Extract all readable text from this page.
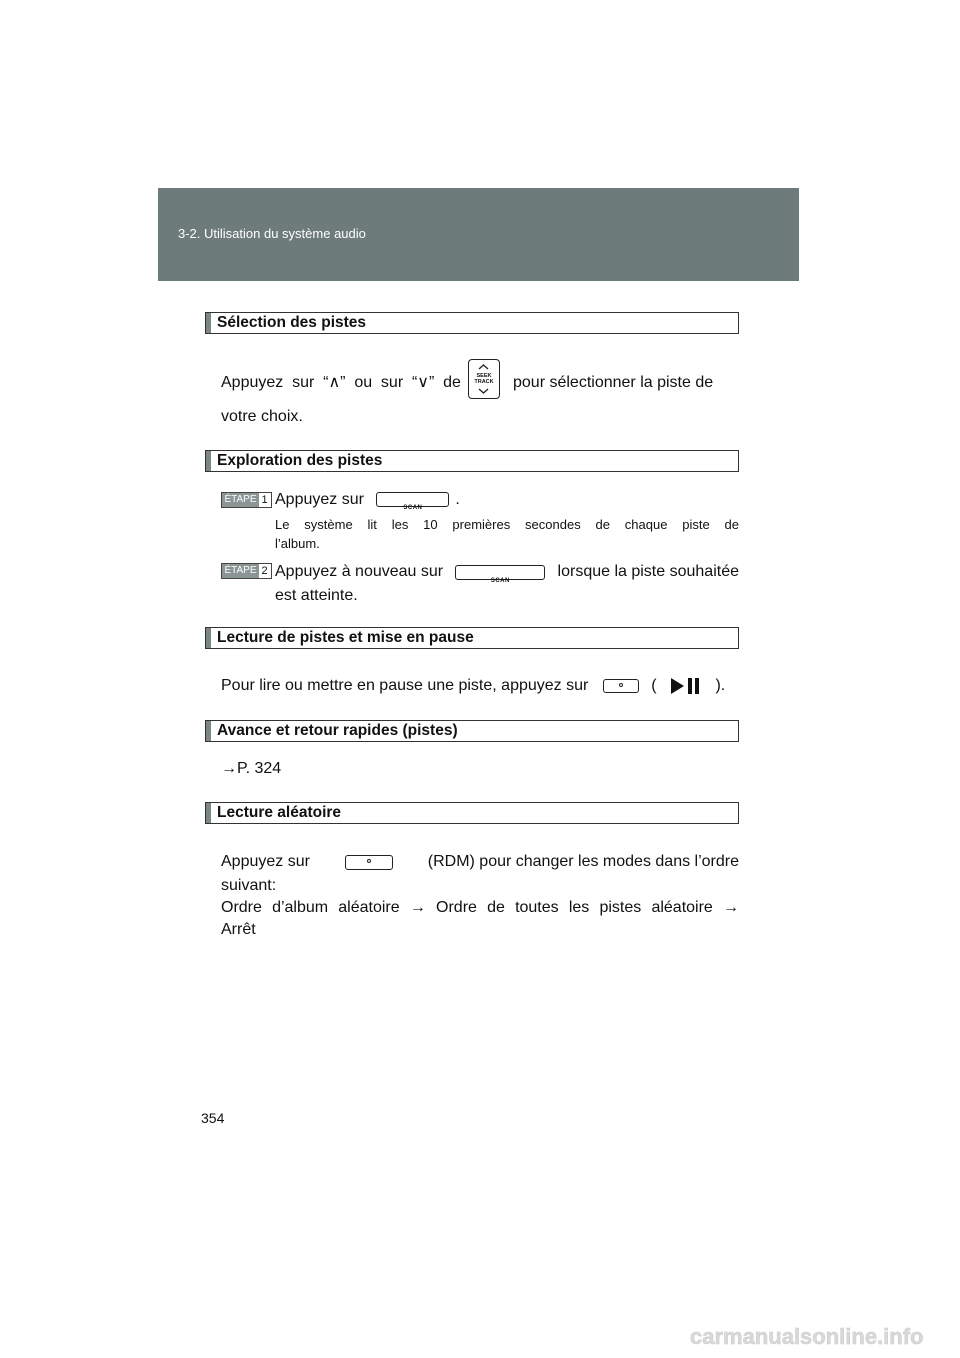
3-2. Utilisation du système audio
Sélection des pistes
Appuyez sur “∧” ou sur “∨” de	SEEK TRACK	pour sélectionner la piste de
votre choix.
Exploration des pistes
ÉTAPE 1 Appuyez sur
SCAN
.
Le système lit les 10 premières secondes de chaque piste de
l’album.
ÉTAPE 2 Appuyez à nouveau sur
SCAN
lorsque la piste souhaitée
est atteinte.
Lecture de pistes et mise en pause
Pour lire ou mettre en pause une piste, appuyez sur	(	).
Avance et retour rapides (pistes)
→P. 324
Lecture aléatoire
Appuyez sur	(RDM) pour changer les modes dans l’ordre
suivant:
Ordre d’album aléatoire → Ordre de toutes les pistes aléatoire →
Arrêt
354
carmanualsonline.info
